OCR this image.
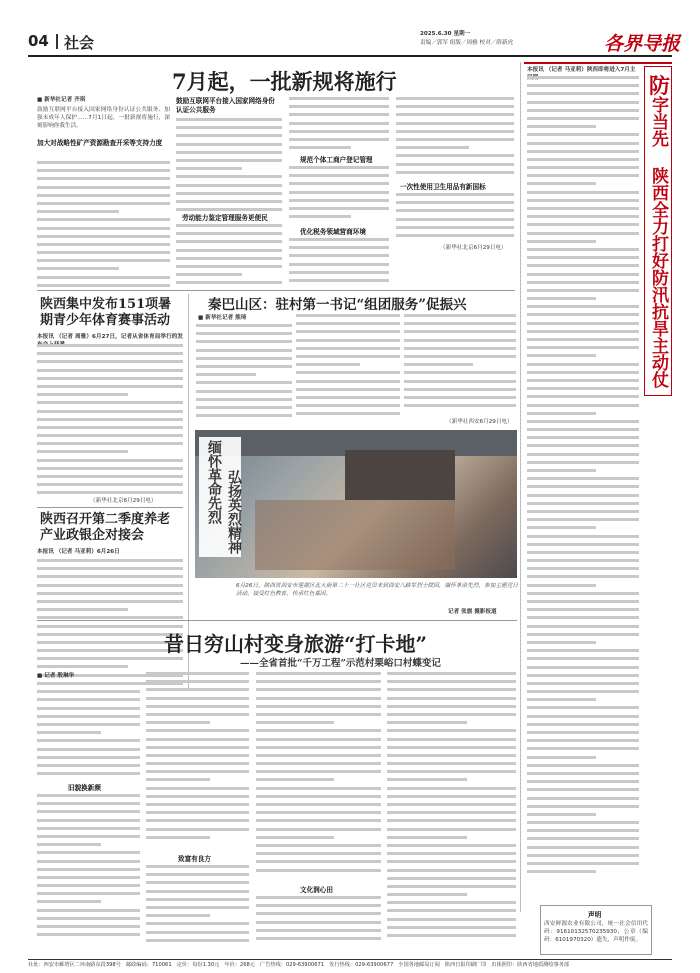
04 社会	2025.6.30 星期一
责编／郭军 组版／周雅 校对／薛新虎	各界导报
7月起，一批新规将施行
■ 新华社记者 齐琪
鼓励互联网平台接入国家网络身份认证公共服务、加强未成年人保护……7月1日起，一批新规将施行，深刻影响你我生活。
加大对战略性矿产资源勘查开采等支持力度
鼓励互联网平台接入国家网络身份认证公共服务
劳动能力鉴定管理服务更便民
规范个体工商户登记管理
优化税务领域营商环境
一次性使用卫生用品有新国标
（新华社北京6月29日电）
陕西集中发布151项暑期青少年体育赛事活动
本报讯 （记者 周雅）6月27日，记者从省体育局举行的发
（新华社北京6月29日电）
陕西召开第二季度养老产业政银企对接会
本报讯 （记者 马亚莉）6月26日
秦巴山区：驻村第一书记“组团服务”促振兴
■ 新华社记者 熊琦
（新华社西安6月29日电）
缅怀革命先烈 弘扬英烈精神
6月26日，陕西省西安市莲湖区北大街第二十一社区党员来到西安八路军烈士陵园，缅怀革命先烈，参加主题党日活动，接受红色教育，传承红色基因。
记者 张旗 摄影报道
昔日穷山村变身旅游“打卡地”
——全省首批“千万工程”示范村栗峪口村蝶变记
■ 记者 殷琳华
旧貌换新颜
致富有良方
文化润心田
本报讯 （记者 马亚莉）陕西即将进入7月主
防
字当先 陕西全力打好防汛抗旱主动仗
声明
西安鲜源农业有限公司，统一社会信用代码：91610132570235930，公章（编码：6101970320）遗失，声明作废。
社址：西安市雁塔区二环南路东段398号 邮政编码：710061 定价：每份1.30元 年价：268元 广告热线：029-63900671 发行热线：029-63900677 全国各地邮局订阅 陕西日报印刷厂印 出体照印：陕西省地质测绘事务部
